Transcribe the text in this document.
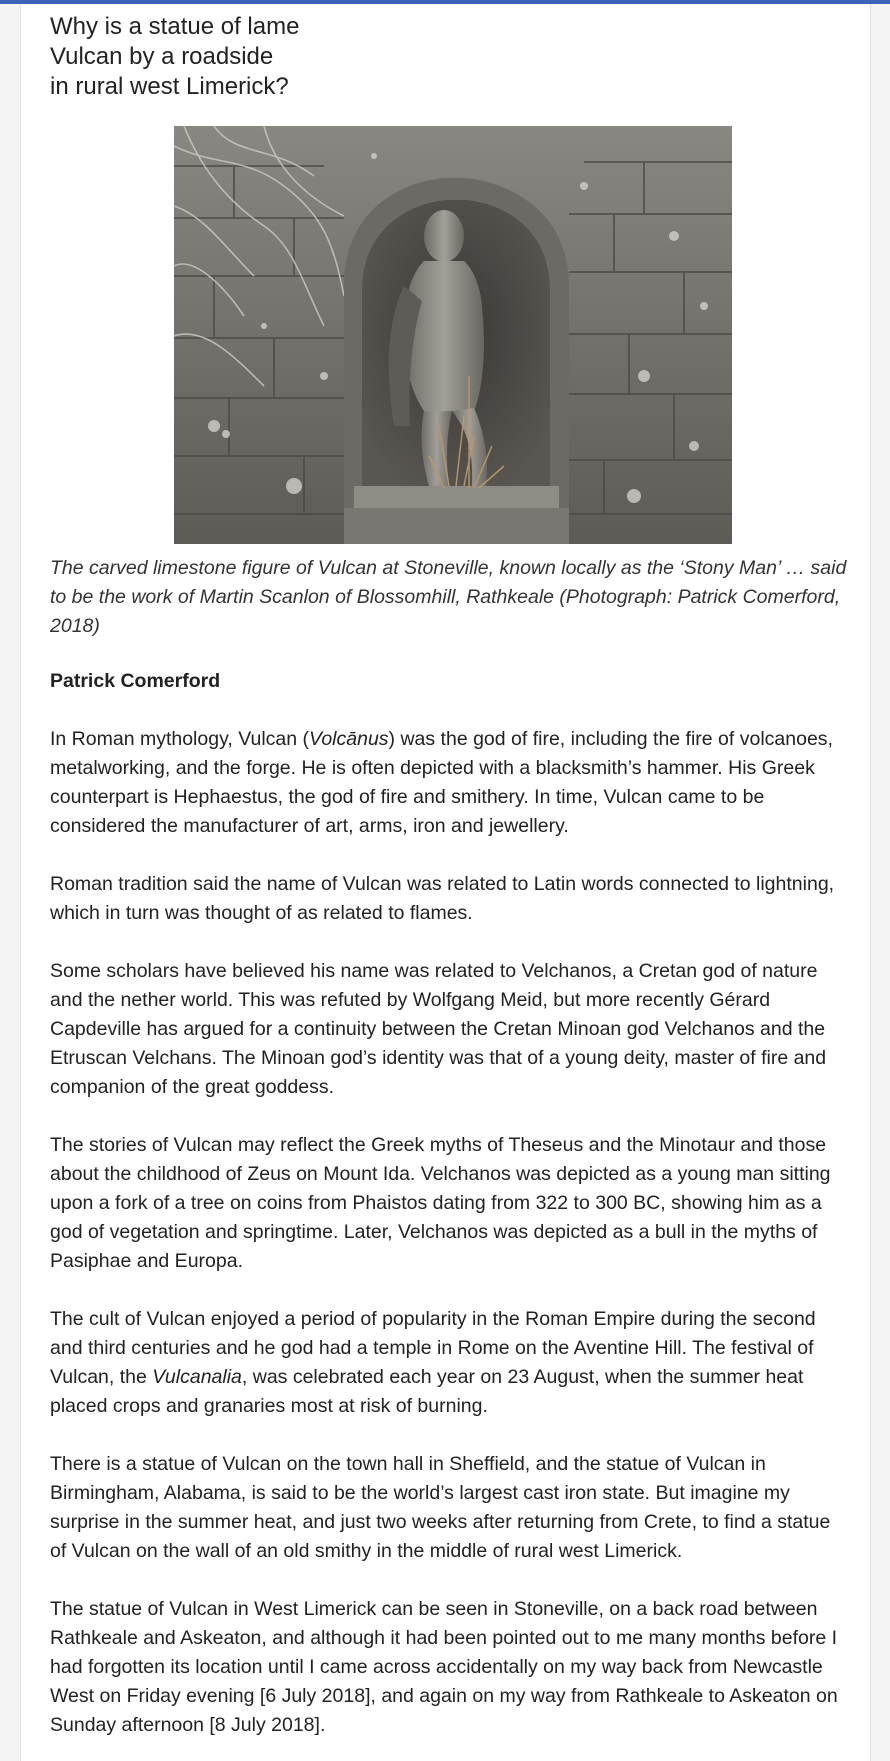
Why is a statue of lame
Vulcan by a roadside
in rural west Limerick?

The carved limestone figure of Vulcan at Stoneville, known locally as the ‘Stony Man’ … said to be the work of Martin Scanlon of Blossomhill, Rathkeale (Photograph: Patrick Comerford, 2018)

Patrick Comerford

In Roman mythology, Vulcan (Volcānus) was the god of fire, including the fire of volcanoes, metalworking, and the forge. He is often depicted with a blacksmith’s hammer. His Greek counterpart is Hephaestus, the god of fire and smithery. In time, Vulcan came to be considered the manufacturer of art, arms, iron and jewellery.

Roman tradition said the name of Vulcan was related to Latin words connected to lightning, which in turn was thought of as related to flames.

Some scholars have believed his name was related to Velchanos, a Cretan god of nature and the nether world. This was refuted by Wolfgang Meid, but more recently Gérard Capdeville has argued for a continuity between the Cretan Minoan god Velchanos and the Etruscan Velchans. The Minoan god’s identity was that of a young deity, master of fire and companion of the great goddess.

The stories of Vulcan may reflect the Greek myths of Theseus and the Minotaur and those about the childhood of Zeus on Mount Ida. Velchanos was depicted as a young man sitting upon a fork of a tree on coins from Phaistos dating from 322 to 300 BC, showing him as a god of vegetation and springtime. Later, Velchanos was depicted as a bull in the myths of Pasiphae and Europa.

The cult of Vulcan enjoyed a period of popularity in the Roman Empire during the second and third centuries and he god had a temple in Rome on the Aventine Hill. The festival of Vulcan, the Vulcanalia, was celebrated each year on 23 August, when the summer heat placed crops and granaries most at risk of burning.

There is a statue of Vulcan on the town hall in Sheffield, and the statue of Vulcan in Birmingham, Alabama, is said to be the world’s largest cast iron state. But imagine my surprise in the summer heat, and just two weeks after returning from Crete, to find a statue of Vulcan on the wall of an old smithy in the middle of rural west Limerick.

The statue of Vulcan in West Limerick can be seen in Stoneville, on a back road between Rathkeale and Askeaton, and although it had been pointed out to me many months before I had forgotten its location until I came across accidentally on my way back from Newcastle West on Friday evening [6 July 2018], and again on my way from Rathkeale to Askeaton on Sunday afternoon [8 July 2018].
